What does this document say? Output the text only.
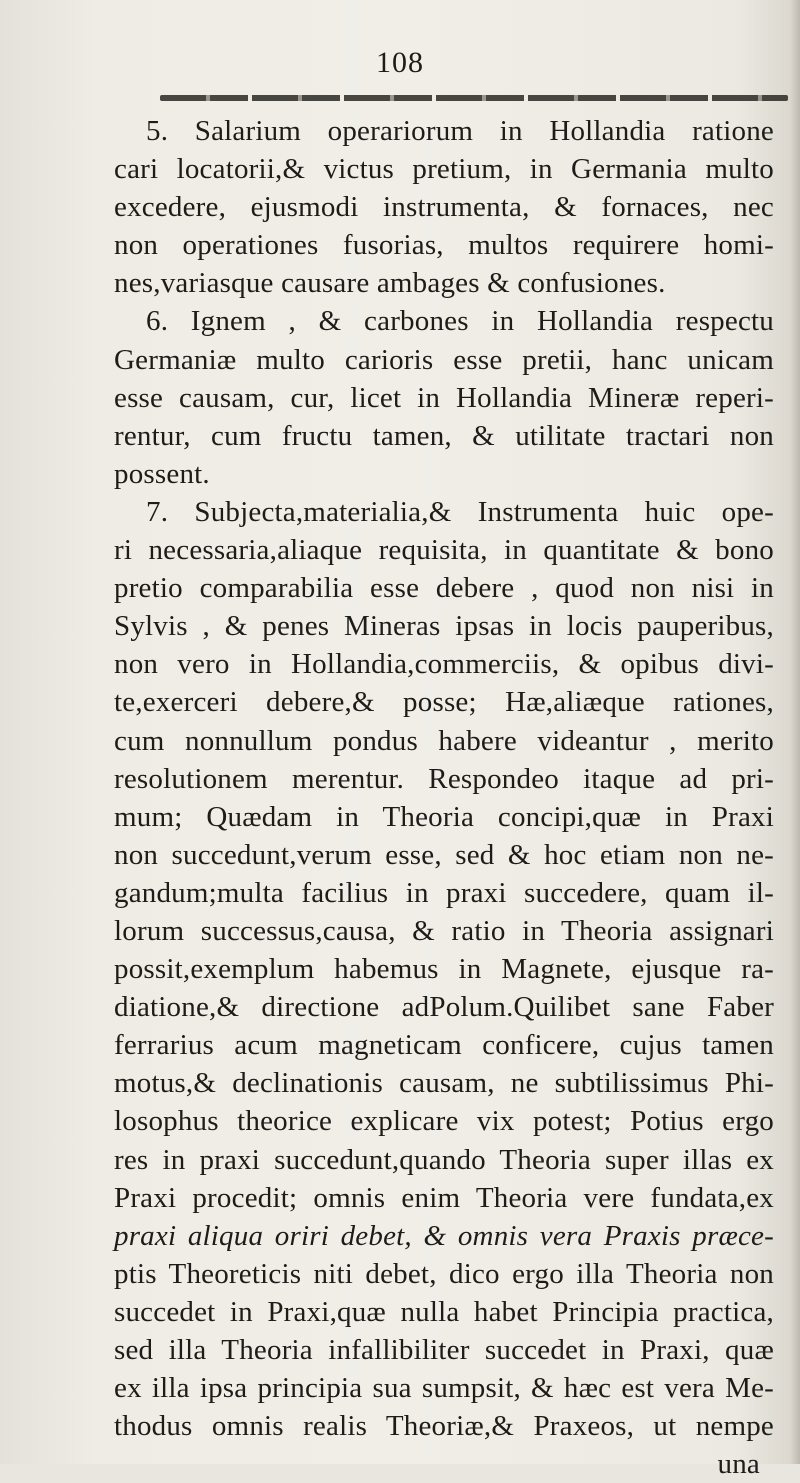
108
5. Salarium operariorum in Hollandia ratione
cari locatorii,& victus pretium, in Germania multo
excedere, ejusmodi instrumenta, & fornaces, nec
non operationes fusorias, multos requirere homi-
nes,variasque causare ambages & confusiones.
6. Ignem , & carbones in Hollandia respectu
Germaniæ multo carioris esse pretii, hanc unicam
esse causam, cur, licet in Hollandia Mineræ reperi-
rentur, cum fructu tamen, & utilitate tractari non
possent.
7. Subjecta,materialia,& Instrumenta huic ope-
ri necessaria,aliaque requisita, in quantitate & bono
pretio comparabilia esse debere , quod non nisi in
Sylvis , & penes Mineras ipsas in locis pauperibus,
non vero in Hollandia,commerciis, & opibus divi-
te,exerceri debere,& posse; Hæ,aliæque rationes,
cum nonnullum pondus habere videantur , merito
resolutionem merentur. Respondeo itaque ad pri-
mum; Quædam in Theoria concipi,quæ in Praxi
non succedunt,verum esse, sed & hoc etiam non ne-
gandum;multa facilius in praxi succedere, quam il-
lorum successus,causa, & ratio in Theoria assignari
possit,exemplum habemus in Magnete, ejusque ra-
diatione,& directione adPolum.Quilibet sane Faber
ferrarius acum magneticam conficere, cujus tamen
motus,& declinationis causam, ne subtilissimus Phi-
losophus theorice explicare vix potest; Potius ergo
res in praxi succedunt,quando Theoria super illas ex
Praxi procedit; omnis enim Theoria vere fundata,ex
praxi aliqua oriri debet, & omnis vera Praxis præce-
ptis Theoreticis niti debet, dico ergo illa Theoria non
succedet in Praxi,quæ nulla habet Principia practica,
sed illa Theoria infallibiliter succedet in Praxi, quæ
ex illa ipsa principia sua sumpsit, & hæc est vera Me-
thodus omnis realis Theoriæ,& Praxeos, ut nempe
una
